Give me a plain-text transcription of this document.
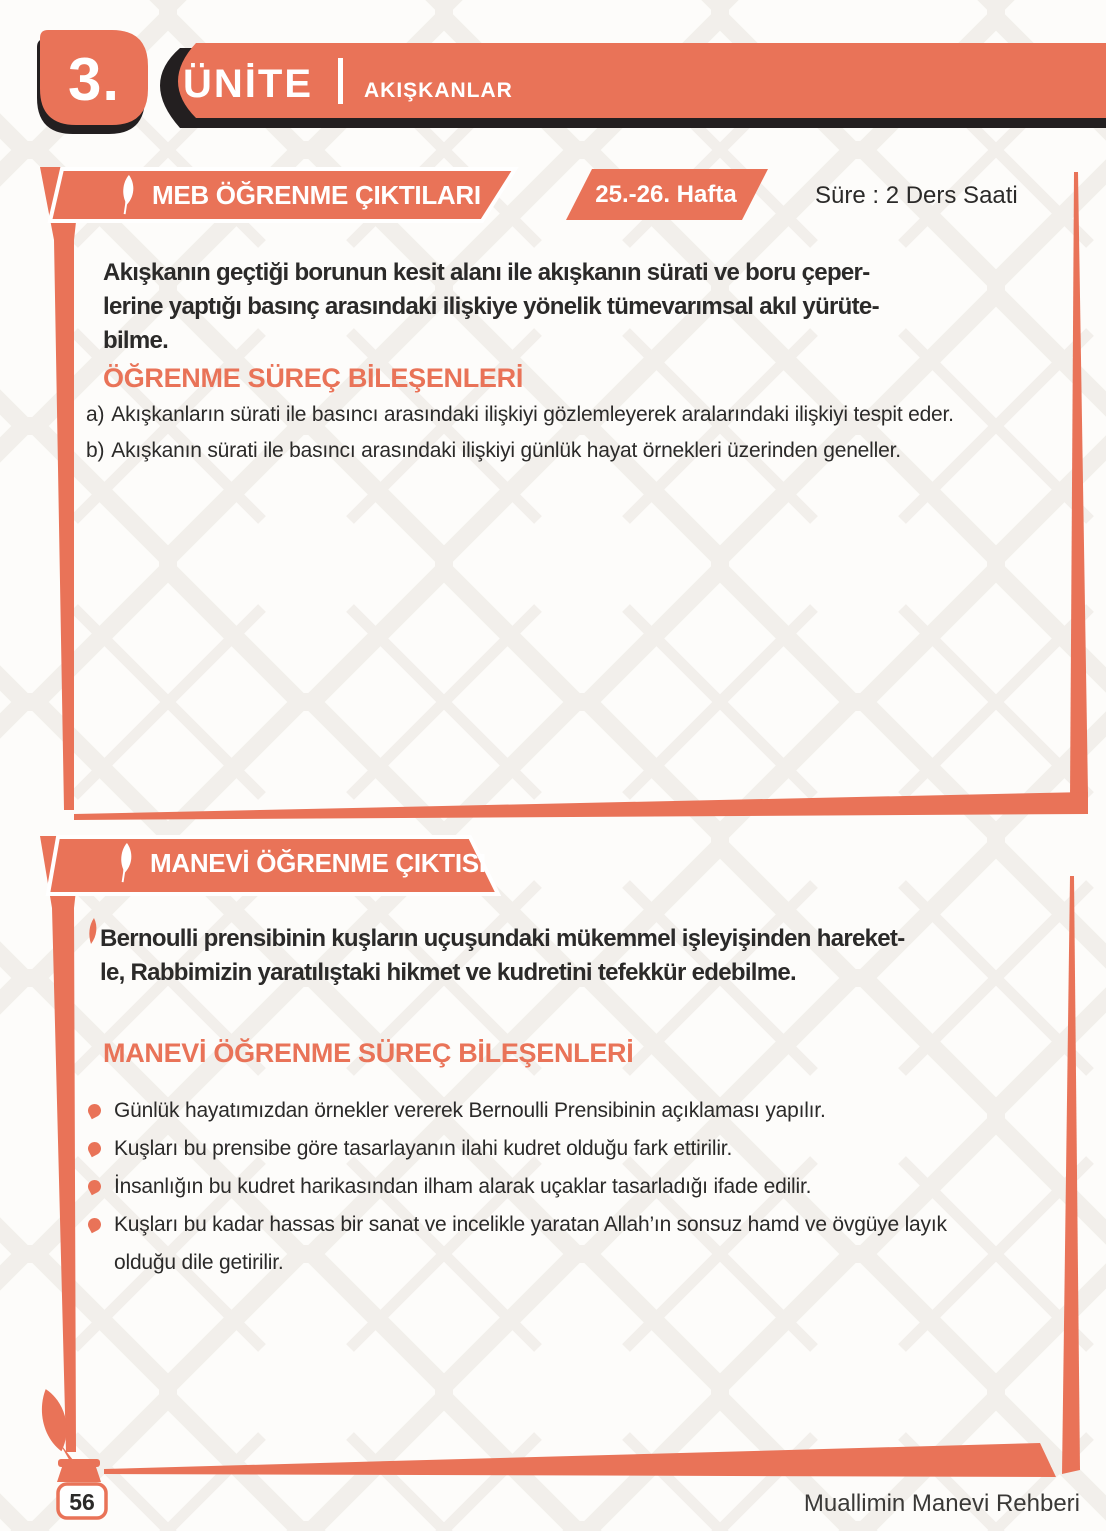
3.	ÜNİTE AKIŞKANLAR
MEB ÖĞRENME ÇIKTILARI	25.-26. Hafta	Süre : 2 Ders Saati
Akışkanın geçtiği borunun kesit alanı ile akışkanın sürati ve boru çeper-
lerine yaptığı basınç arasındaki ilişkiye yönelik tümevarımsal akıl yürüte-
bilme.
ÖĞRENME SÜREÇ BİLEŞENLERİ
a) Akışkanların sürati ile basıncı arasındaki ilişkiyi gözlemleyerek aralarındaki ilişkiyi tespit eder.
b) Akışkanın sürati ile basıncı arasındaki ilişkiyi günlük hayat örnekleri üzerinden geneller.
MANEVİ ÖĞRENME ÇIKTISI
Bernoulli prensibinin kuşların uçuşundaki mükemmel işleyişinden hareket-
le, Rabbimizin yaratılıştaki hikmet ve kudretini tefekkür edebilme.
MANEVİ ÖĞRENME SÜREÇ BİLEŞENLERİ
Günlük hayatımızdan örnekler vererek Bernoulli Prensibinin açıklaması yapılır.
Kuşları bu prensibe göre tasarlayanın ilahi kudret olduğu fark ettirilir.
İnsanlığın bu kudret harikasından ilham alarak uçaklar tasarladığı ifade edilir.
Kuşları bu kadar hassas bir sanat ve incelikle yaratan Allah’ın sonsuz hamd ve övgüye layık olduğu dile getirilir.
56	Muallimin Manevi Rehberi
